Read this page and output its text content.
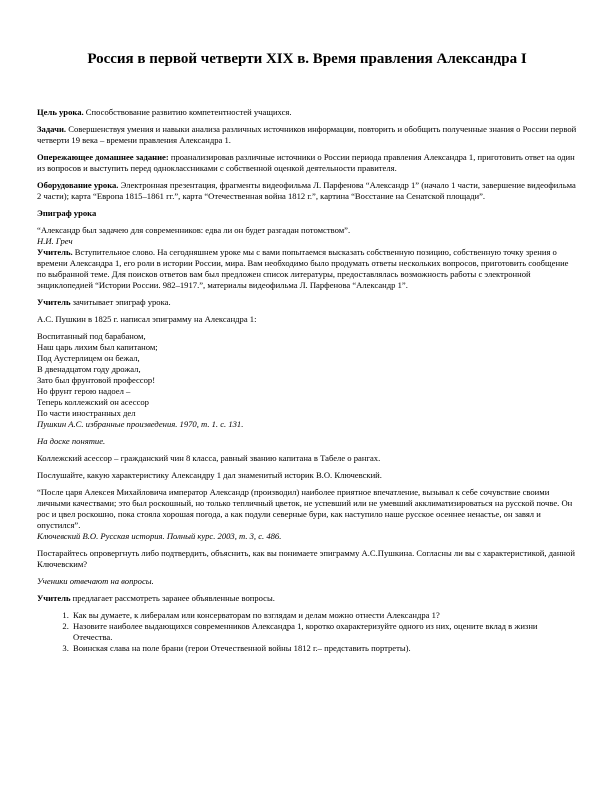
Россия в первой четверти XIX в. Время правления Александра I

Цель урока. Способствование развитию компетентностей учащихся.

Задачи. Совершенствуя умения и навыки анализа различных источников информации, повторить и обобщить полученные знания о России первой четверти 19 века – времени правления Александра 1.

Опережающее домашнее задание: проанализировав различные источники о России периода правления Александра 1, приготовить ответ на один из вопросов и выступить перед одноклассниками с собственной оценкой деятельности правителя.

Оборудование урока. Электронная презентация, фрагменты видеофильма Л. Парфенова “Александр 1” (начало 1 части, завершение видеофильма 2 части); карта “Европа 1815–1861 гг.”, карта “Отечественная война 1812 г.”, картина “Восстание на Сенатской площади”.

Эпиграф урока

“Александр был задачею для современников: едва ли он будет разгадан потомством”.

Н.И. Греч

Учитель. Вступительное слово. На сегодняшнем уроке мы с вами попытаемся высказать собственную позицию, собственную точку зрения о времени Александра 1, его роли в истории России, мира. Вам необходимо было продумать ответы нескольких вопросов, приготовить сообщение по выбранной теме. Для поисков ответов вам был предложен список литературы, предоставлялась возможность работы с электронной энциклопедией “Истории России. 982–1917.”, материалы видеофильма Л. Парфенова “Александр 1”.

Учитель зачитывает эпиграф урока.

А.С. Пушкин в 1825 г. написал эпиграмму на Александра 1:

Воспитанный под барабаном,
Наш царь лихим был капитаном;
Под Аустерлицем он бежал,
В двенадцатом году дрожал,
Зато был фрунтовой профессор!
Но фрунт герою надоел –
Теперь коллежский он асессор
По части иностранных дел
Пушкин А.С. избранные произведения. 1970, т. 1. с. 131.

На доске понятие.

Коллежский асессор – гражданский чин 8 класса, равный званию капитана в Табеле о рангах.

Послушайте, какую характеристику Александру 1 дал знаменитый историк В.О. Ключевский.

“После царя Алексея Михайловича император Александр (производил) наиболее приятное впечатление, вызывал к себе сочувствие своими личными качествами; это был роскошный, но только тепличный цветок, не успевший или не умевший акклиматизироваться на русской почве. Он рос и цвел роскошно, пока стояла хорошая погода, а как подули северные бури, как наступило наше русское осеннее ненастье, он завял и опустился”.

Ключевский В.О. Русская история. Полный курс. 2003, т. 3, с. 486.

Постарайтесь опровергнуть либо подтвердить, объяснить, как вы понимаете эпиграмму А.С.Пушкина. Согласны ли вы с характеристикой, данной Ключевским?

Ученики отвечают на вопросы.

Учитель предлагает рассмотреть заранее объявленные вопросы.

1. Как вы думаете, к либералам или консерваторам по взглядам и делам можно отнести Александра 1?
2. Назовите наиболее выдающихся современников Александра 1, коротко охарактеризуйте одного из них, оцените вклад в жизни Отечества.
3. Воинская слава на поле брани (герои Отечественной войны 1812 г.– представить портреты).
